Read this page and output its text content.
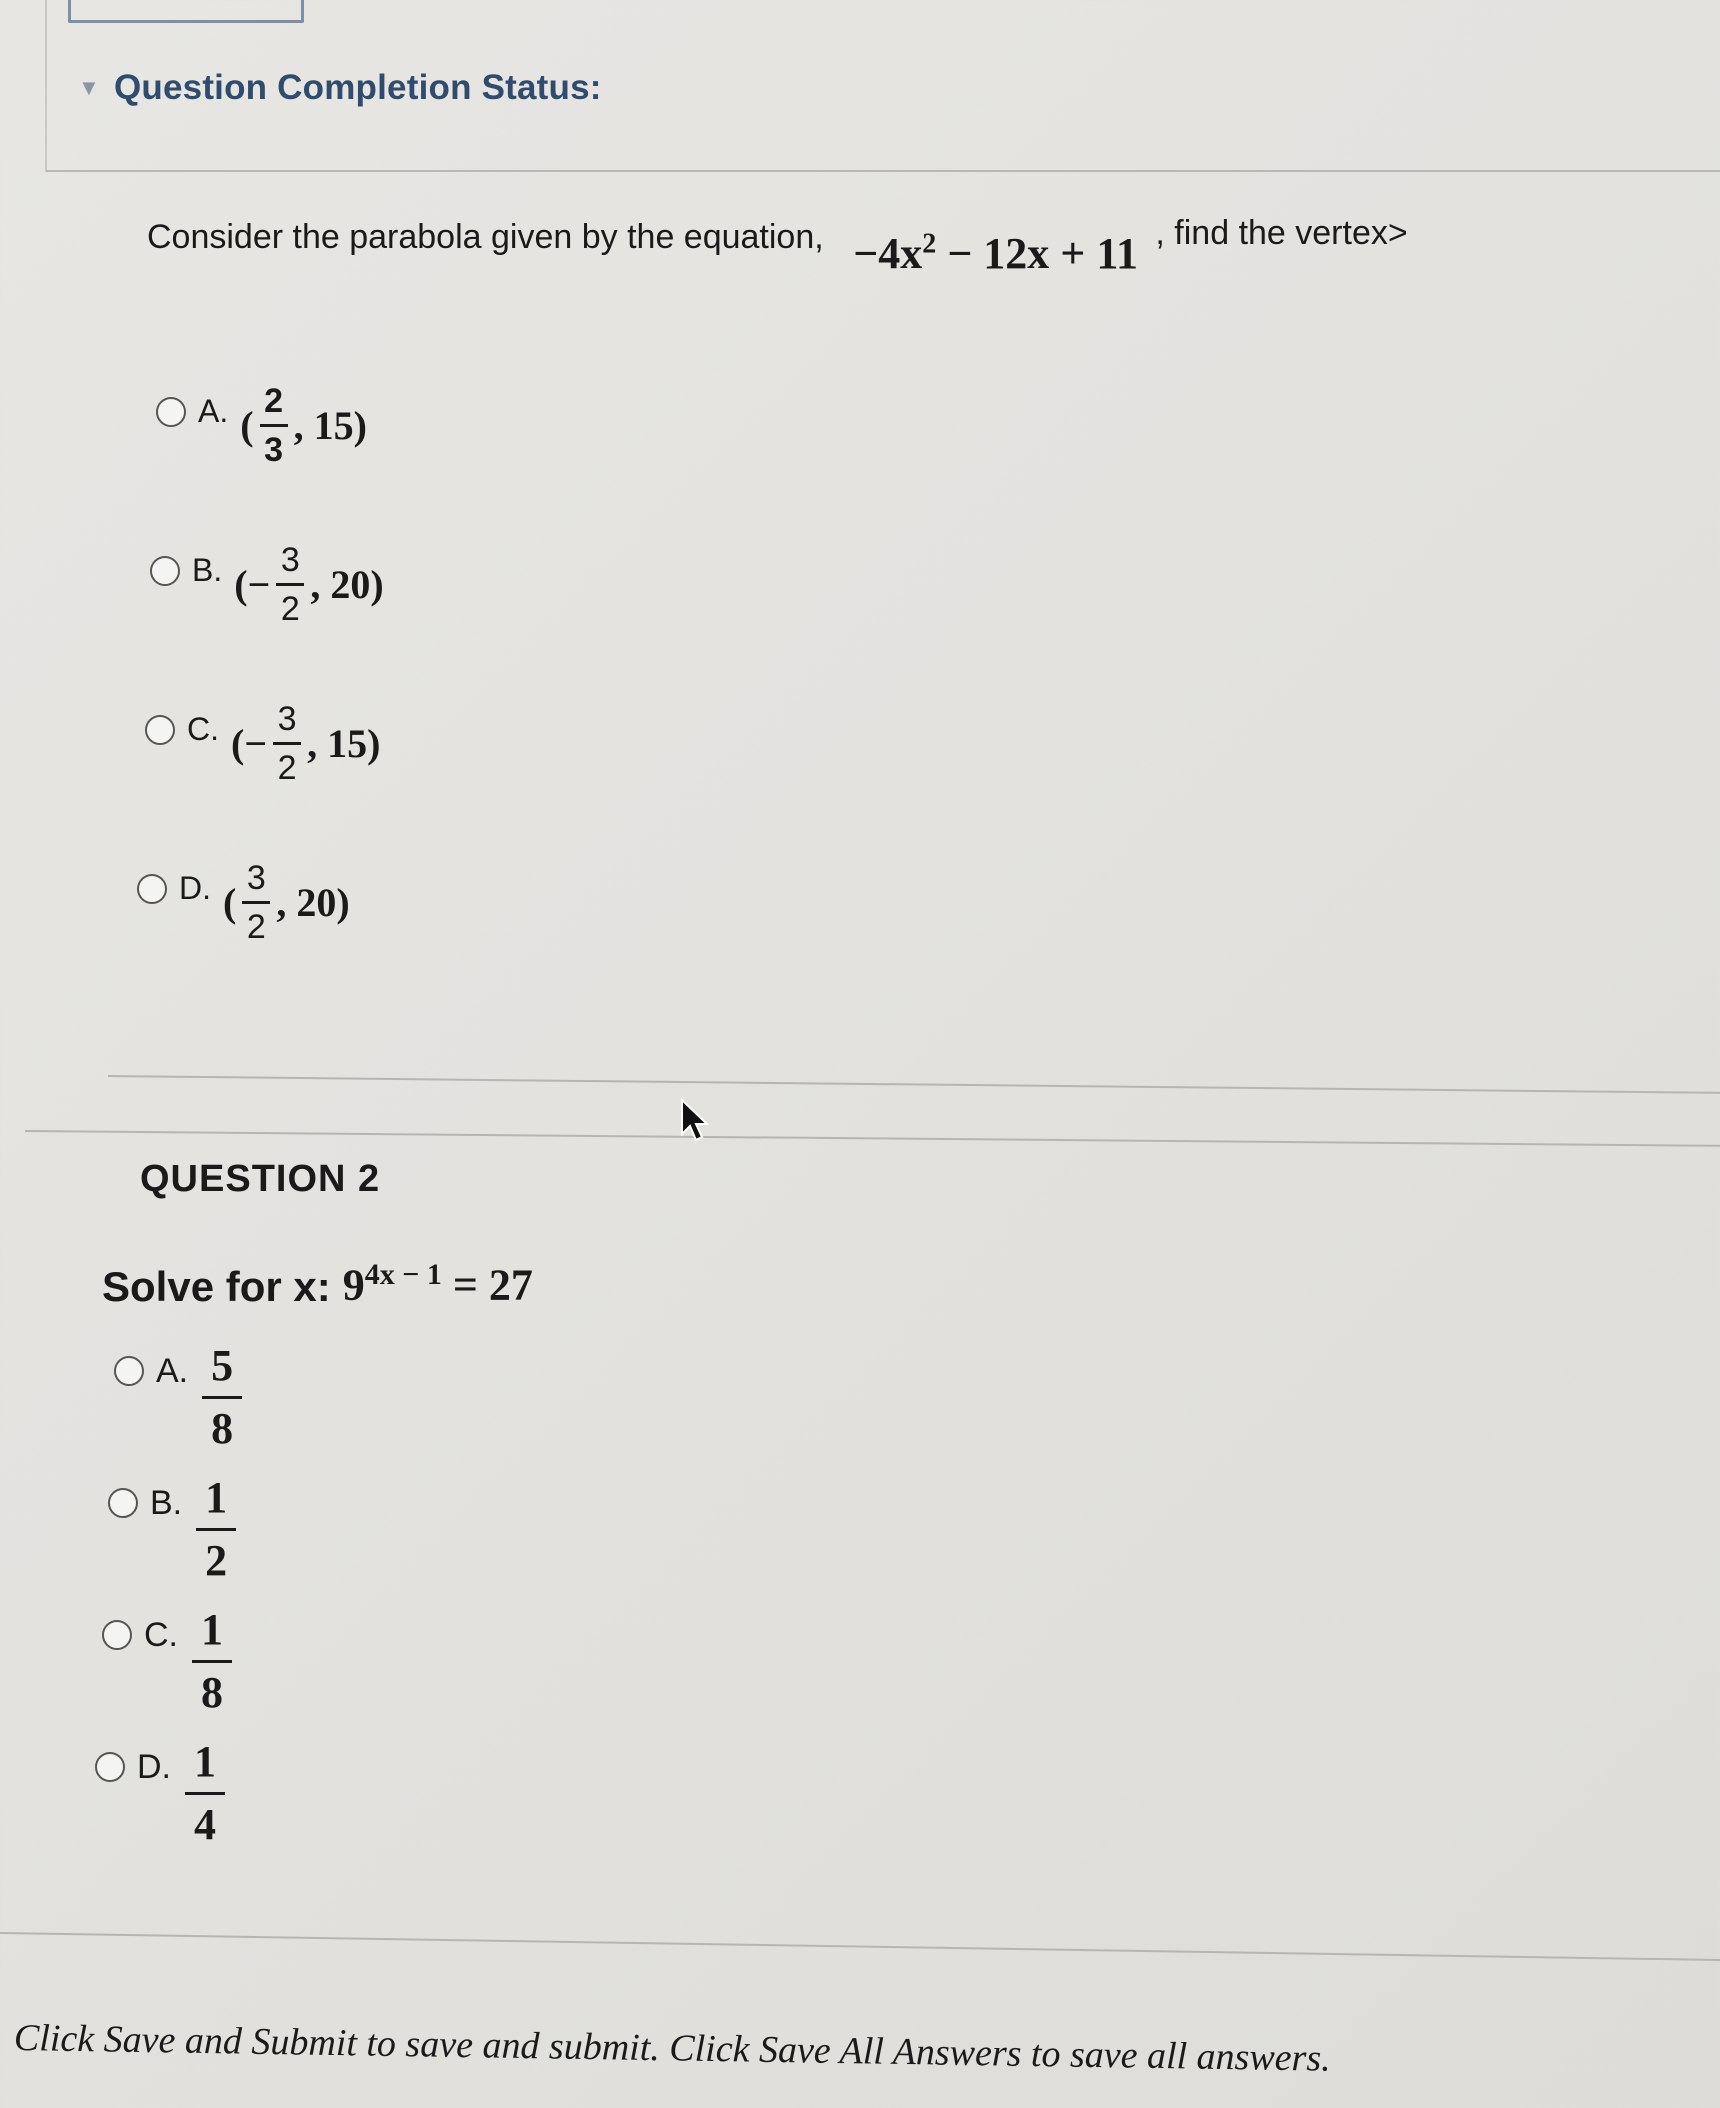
▼ Question Completion Status:
Consider the parabola given by the equation, $-4x^2 - 12x + 11$ , find the vertex>
A. ( $\frac{2}{3}$ , 15)
B. ( − $\frac{3}{2}$ , 20)
C. ( − $\frac{3}{2}$ , 15)
D. ( $\frac{3}{2}$ , 20)
QUESTION 2
Solve for x: $9^{4x - 1} = 27$
A. $\frac{5}{8}$
B. $\frac{1}{2}$
C. $\frac{1}{8}$
D. $\frac{1}{4}$
Click Save and Submit to save and submit. Click Save All Answers to save all answers.
